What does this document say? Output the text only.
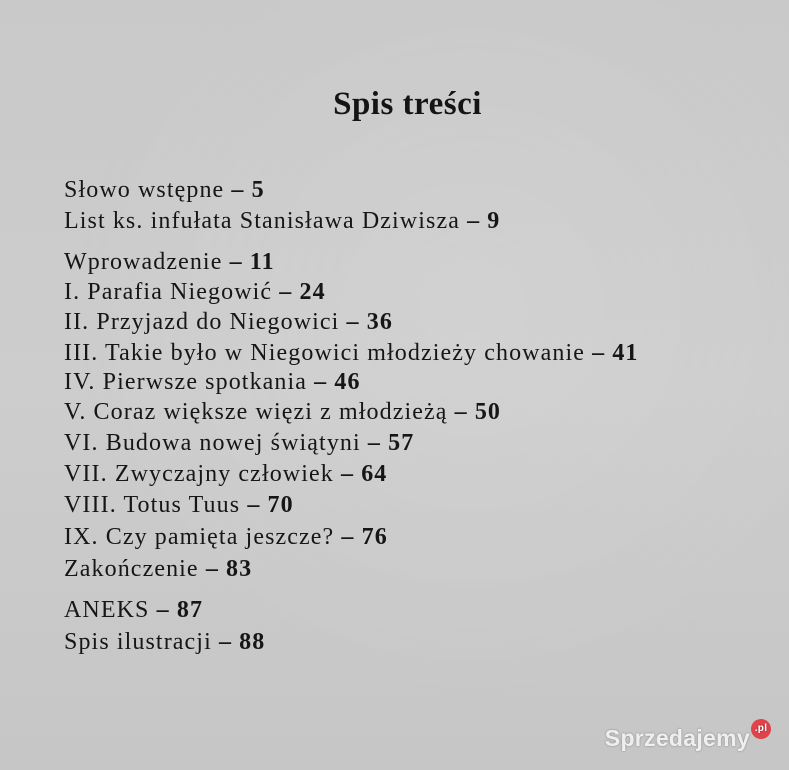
Spis treści
Słowo wstępne – 5
List ks. infułata Stanisława Dziwisza – 9
Wprowadzenie – 11
I. Parafia Niegowić – 24
II. Przyjazd do Niegowici – 36
III. Takie było w Niegowici młodzieży chowanie – 41
IV. Pierwsze spotkania – 46
V. Coraz większe więzi z młodzieżą – 50
VI. Budowa nowej świątyni – 57
VII. Zwyczajny człowiek – 64
VIII. Totus Tuus – 70
IX. Czy pamięta jeszcze? – 76
Zakończenie – 83
ANEKS – 87
Spis ilustracji – 88
Sprzedajemy .pl
